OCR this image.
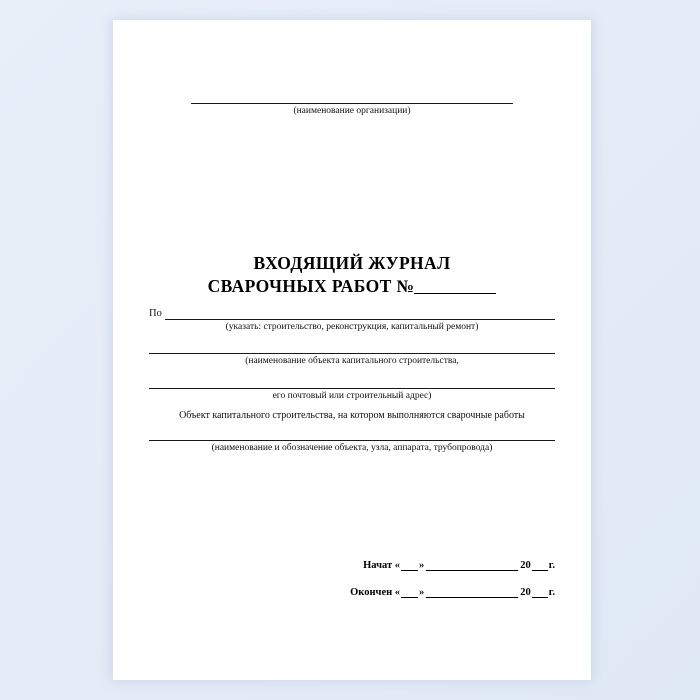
(наименование организации)
ВХОДЯЩИЙ ЖУРНАЛ
СВАРОЧНЫХ РАБОТ №
По
(указать: строительство, реконструкция, капитальный ремонт)
(наименование объекта капитального строительства,
его почтовый или строительный адрес)
Объект капитального строительства, на котором выполняются сварочные работы
(наименование и обозначение объекта, узла, аппарата, трубопровода)
Начат « »	20 г.
Окончен « »	20 г.
